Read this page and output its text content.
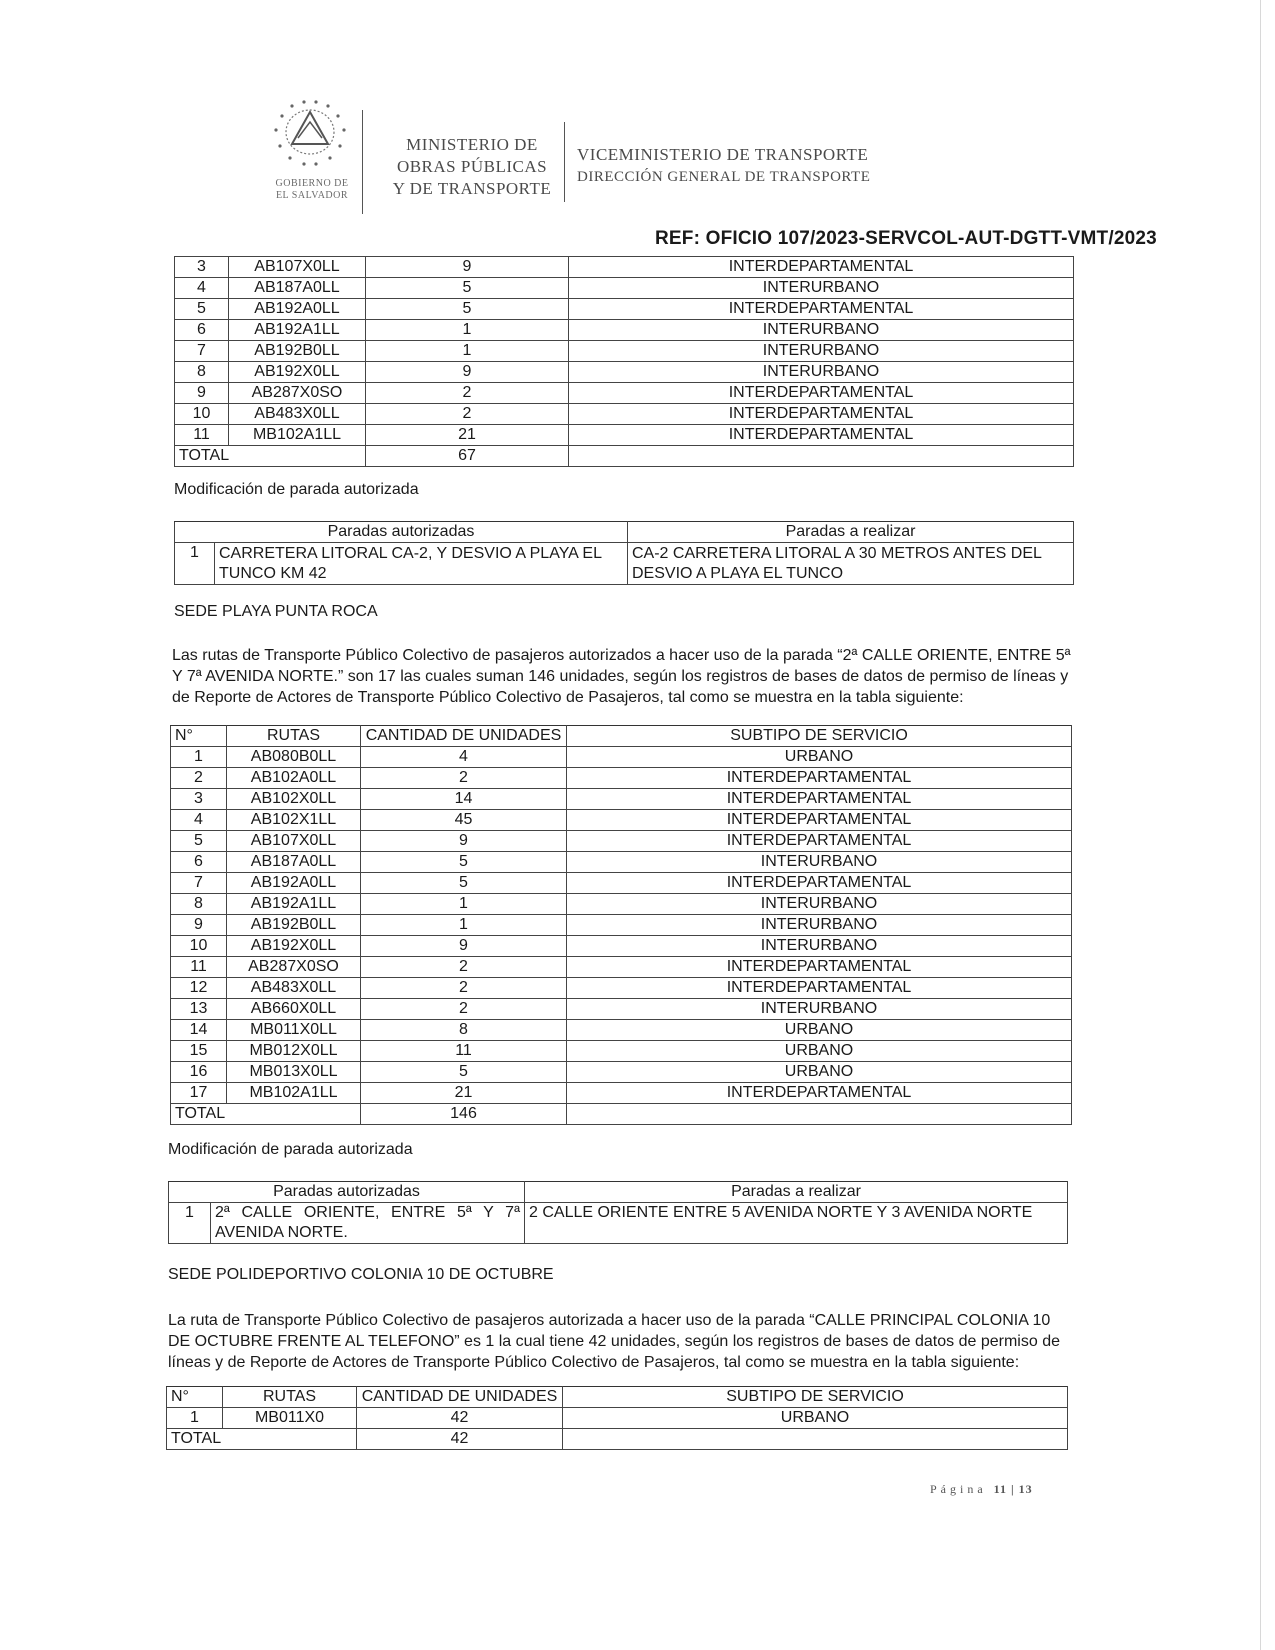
GOBIERNO DE
EL SALVADOR
MINISTERIO DE
OBRAS PÚBLICAS
Y DE TRANSPORTE
VICEMINISTERIO DE TRANSPORTE
DIRECCIÓN GENERAL DE TRANSPORTE
REF: OFICIO 107/2023-SERVCOL-AUT-DGTT-VMT/2023
3	AB107X0LL	9	INTERDEPARTAMENTAL
4	AB187A0LL	5	INTERURBANO
5	AB192A0LL	5	INTERDEPARTAMENTAL
6	AB192A1LL	1	INTERURBANO
7	AB192B0LL	1	INTERURBANO
8	AB192X0LL	9	INTERURBANO
9	AB287X0SO	2	INTERDEPARTAMENTAL
10	AB483X0LL	2	INTERDEPARTAMENTAL
11	MB102A1LL	21	INTERDEPARTAMENTAL
TOTAL		67	
Modificación de parada autorizada
Paradas autorizadas		Paradas a realizar
1	CARRETERA LITORAL CA-2, Y DESVIO A PLAYA EL TUNCO KM 42	CA-2 CARRETERA LITORAL A 30 METROS ANTES DEL DESVIO A PLAYA EL TUNCO
SEDE PLAYA PUNTA ROCA
Las rutas de Transporte Público Colectivo de pasajeros autorizados a hacer uso de la parada “2ª CALLE ORIENTE, ENTRE 5ª Y 7ª AVENIDA NORTE.” son 17 las cuales suman 146 unidades, según los registros de bases de datos de permiso de líneas y de Reporte de Actores de Transporte Público Colectivo de Pasajeros, tal como se muestra en la tabla siguiente:
N°	RUTAS	CANTIDAD DE UNIDADES	SUBTIPO DE SERVICIO
1	AB080B0LL	4	URBANO
2	AB102A0LL	2	INTERDEPARTAMENTAL
3	AB102X0LL	14	INTERDEPARTAMENTAL
4	AB102X1LL	45	INTERDEPARTAMENTAL
5	AB107X0LL	9	INTERDEPARTAMENTAL
6	AB187A0LL	5	INTERURBANO
7	AB192A0LL	5	INTERDEPARTAMENTAL
8	AB192A1LL	1	INTERURBANO
9	AB192B0LL	1	INTERURBANO
10	AB192X0LL	9	INTERURBANO
11	AB287X0SO	2	INTERDEPARTAMENTAL
12	AB483X0LL	2	INTERDEPARTAMENTAL
13	AB660X0LL	2	INTERURBANO
14	MB011X0LL	8	URBANO
15	MB012X0LL	11	URBANO
16	MB013X0LL	5	URBANO
17	MB102A1LL	21	INTERDEPARTAMENTAL
TOTAL		146	
Modificación de parada autorizada
Paradas autorizadas		Paradas a realizar
1	2ª CALLE ORIENTE, ENTRE 5ª Y 7ª AVENIDA NORTE.	2 CALLE ORIENTE ENTRE 5 AVENIDA NORTE Y 3 AVENIDA NORTE
SEDE POLIDEPORTIVO COLONIA 10 DE OCTUBRE
La ruta de Transporte Público Colectivo de pasajeros autorizada a hacer uso de la parada “CALLE PRINCIPAL COLONIA 10 DE OCTUBRE FRENTE AL TELEFONO” es 1 la cual tiene 42 unidades, según los registros de bases de datos de permiso de líneas y de Reporte de Actores de Transporte Público Colectivo de Pasajeros, tal como se muestra en la tabla siguiente:
N°	RUTAS	CANTIDAD DE UNIDADES	SUBTIPO DE SERVICIO
1	MB011X0	42	URBANO
TOTAL		42	
Página 11 | 13
